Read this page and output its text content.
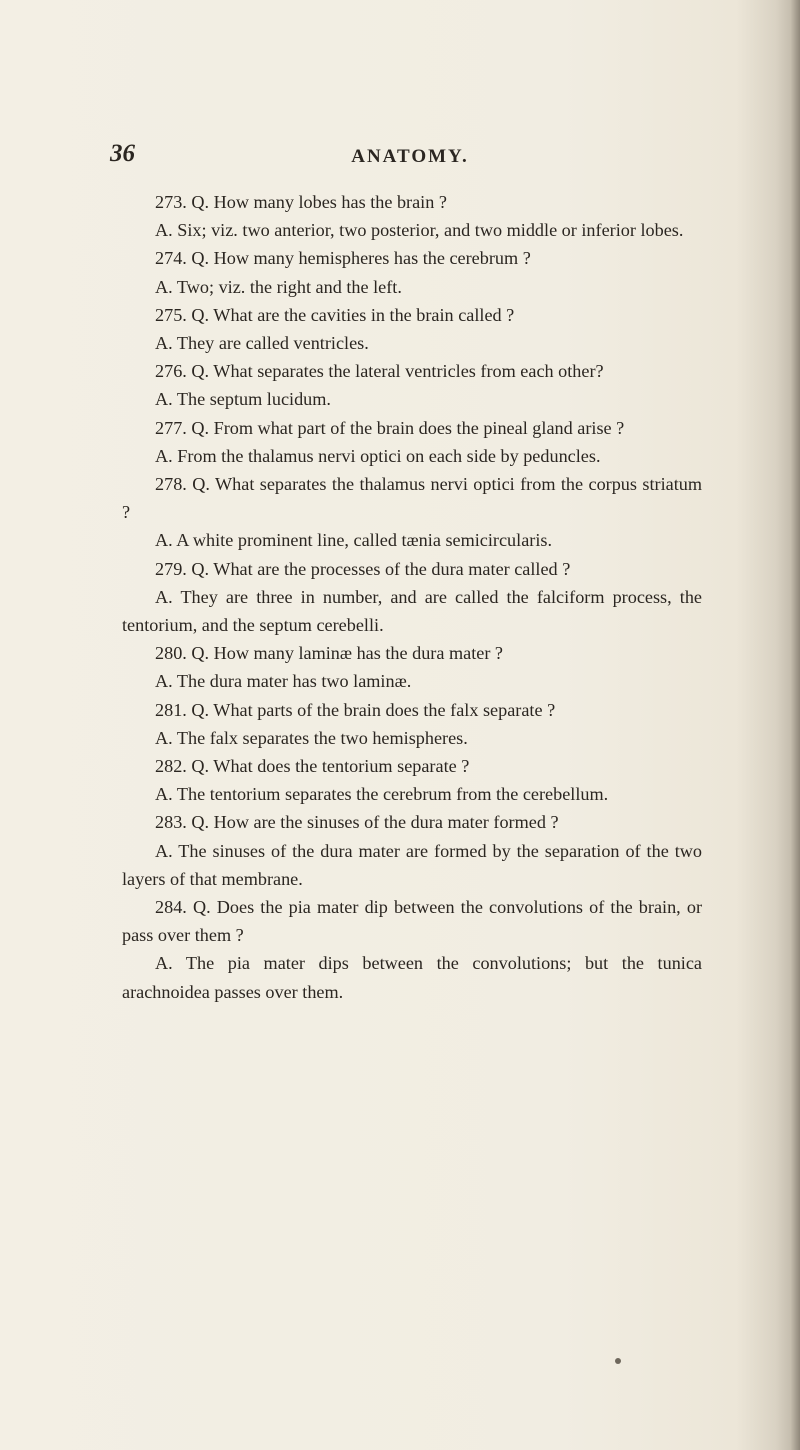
36	ANATOMY.

273. Q. How many lobes has the brain ?

A. Six; viz. two anterior, two posterior, and two middle or inferior lobes.

274. Q. How many hemispheres has the cerebrum ?

A. Two; viz. the right and the left.

275. Q. What are the cavities in the brain called ?

A. They are called ventricles.

276. Q. What separates the lateral ventricles from each other?

A. The septum lucidum.

277. Q. From what part of the brain does the pineal gland arise ?

A. From the thalamus nervi optici on each side by peduncles.

278. Q. What separates the thalamus nervi optici from the corpus striatum ?

A. A white prominent line, called tænia semicircularis.

279. Q. What are the processes of the dura mater called ?

A. They are three in number, and are called the falciform process, the tentorium, and the septum cerebelli.

280. Q. How many laminæ has the dura mater ?

A. The dura mater has two laminæ.

281. Q. What parts of the brain does the falx separate ?

A. The falx separates the two hemispheres.

282. Q. What does the tentorium separate ?

A. The tentorium separates the cerebrum from the cerebellum.

283. Q. How are the sinuses of the dura mater formed ?

A. The sinuses of the dura mater are formed by the separation of the two layers of that membrane.

284. Q. Does the pia mater dip between the convolutions of the brain, or pass over them ?

A. The pia mater dips between the convolutions; but the tunica arachnoidea passes over them.
